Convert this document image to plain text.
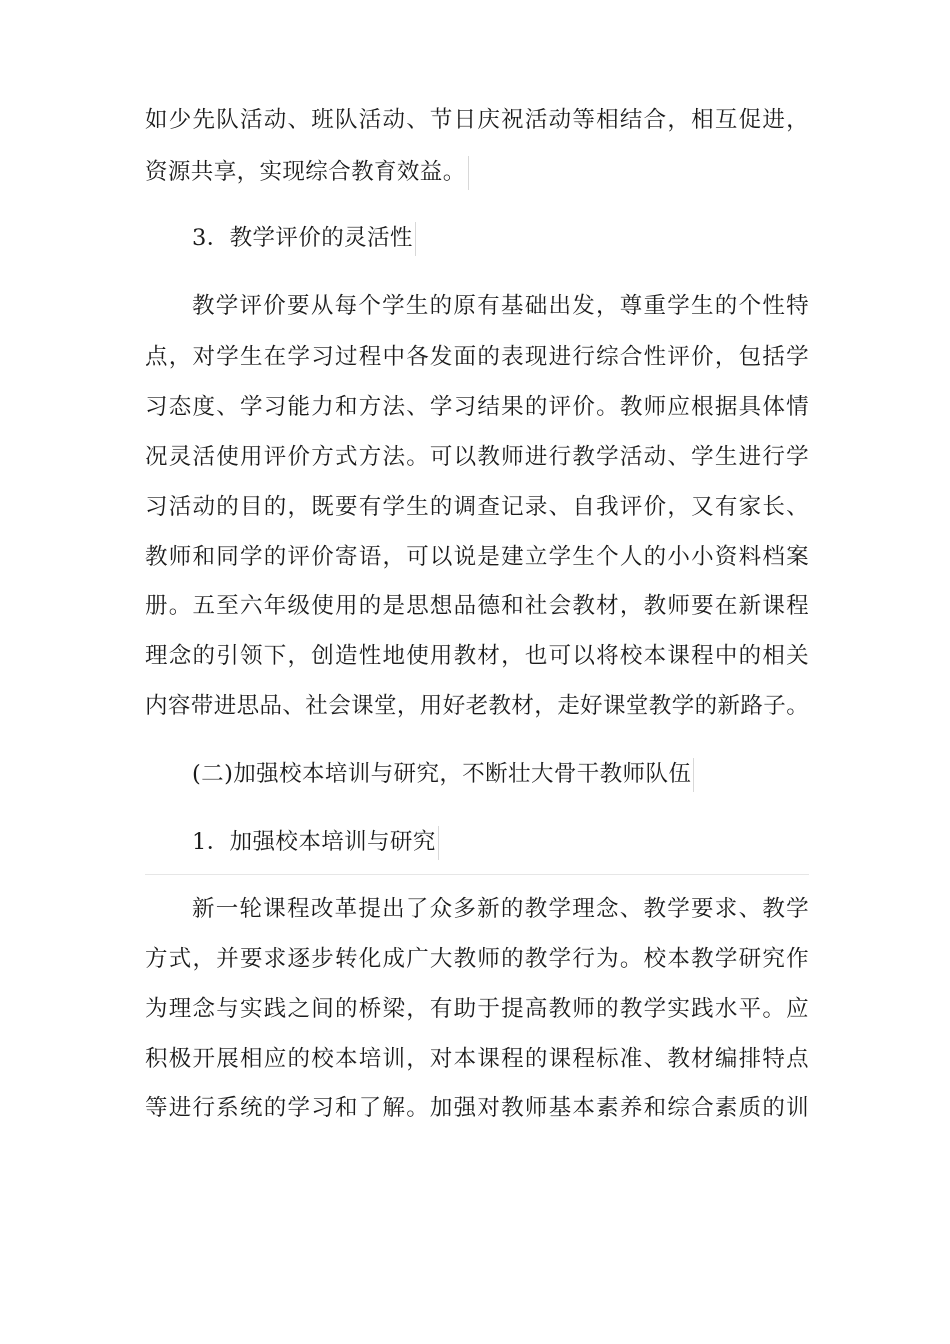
如少先队活动、班队活动、节日庆祝活动等相结合，相互促进，
资源共享，实现综合教育效益。
3．教学评价的灵活性
教学评价要从每个学生的原有基础出发，尊重学生的个性特
点，对学生在学习过程中各发面的表现进行综合性评价，包括学
习态度、学习能力和方法、学习结果的评价。教师应根据具体情
况灵活使用评价方式方法。可以教师进行教学活动、学生进行学
习活动的目的，既要有学生的调查记录、自我评价，又有家长、
教师和同学的评价寄语，可以说是建立学生个人的小小资料档案
册。五至六年级使用的是思想品德和社会教材，教师要在新课程
理念的引领下，创造性地使用教材，也可以将校本课程中的相关
内容带进思品、社会课堂，用好老教材，走好课堂教学的新路子。
(二)加强校本培训与研究，不断壮大骨干教师队伍
1．加强校本培训与研究
新一轮课程改革提出了众多新的教学理念、教学要求、教学
方式，并要求逐步转化成广大教师的教学行为。校本教学研究作
为理念与实践之间的桥梁，有助于提高教师的教学实践水平。应
积极开展相应的校本培训，对本课程的课程标准、教材编排特点
等进行系统的学习和了解。加强对教师基本素养和综合素质的训
